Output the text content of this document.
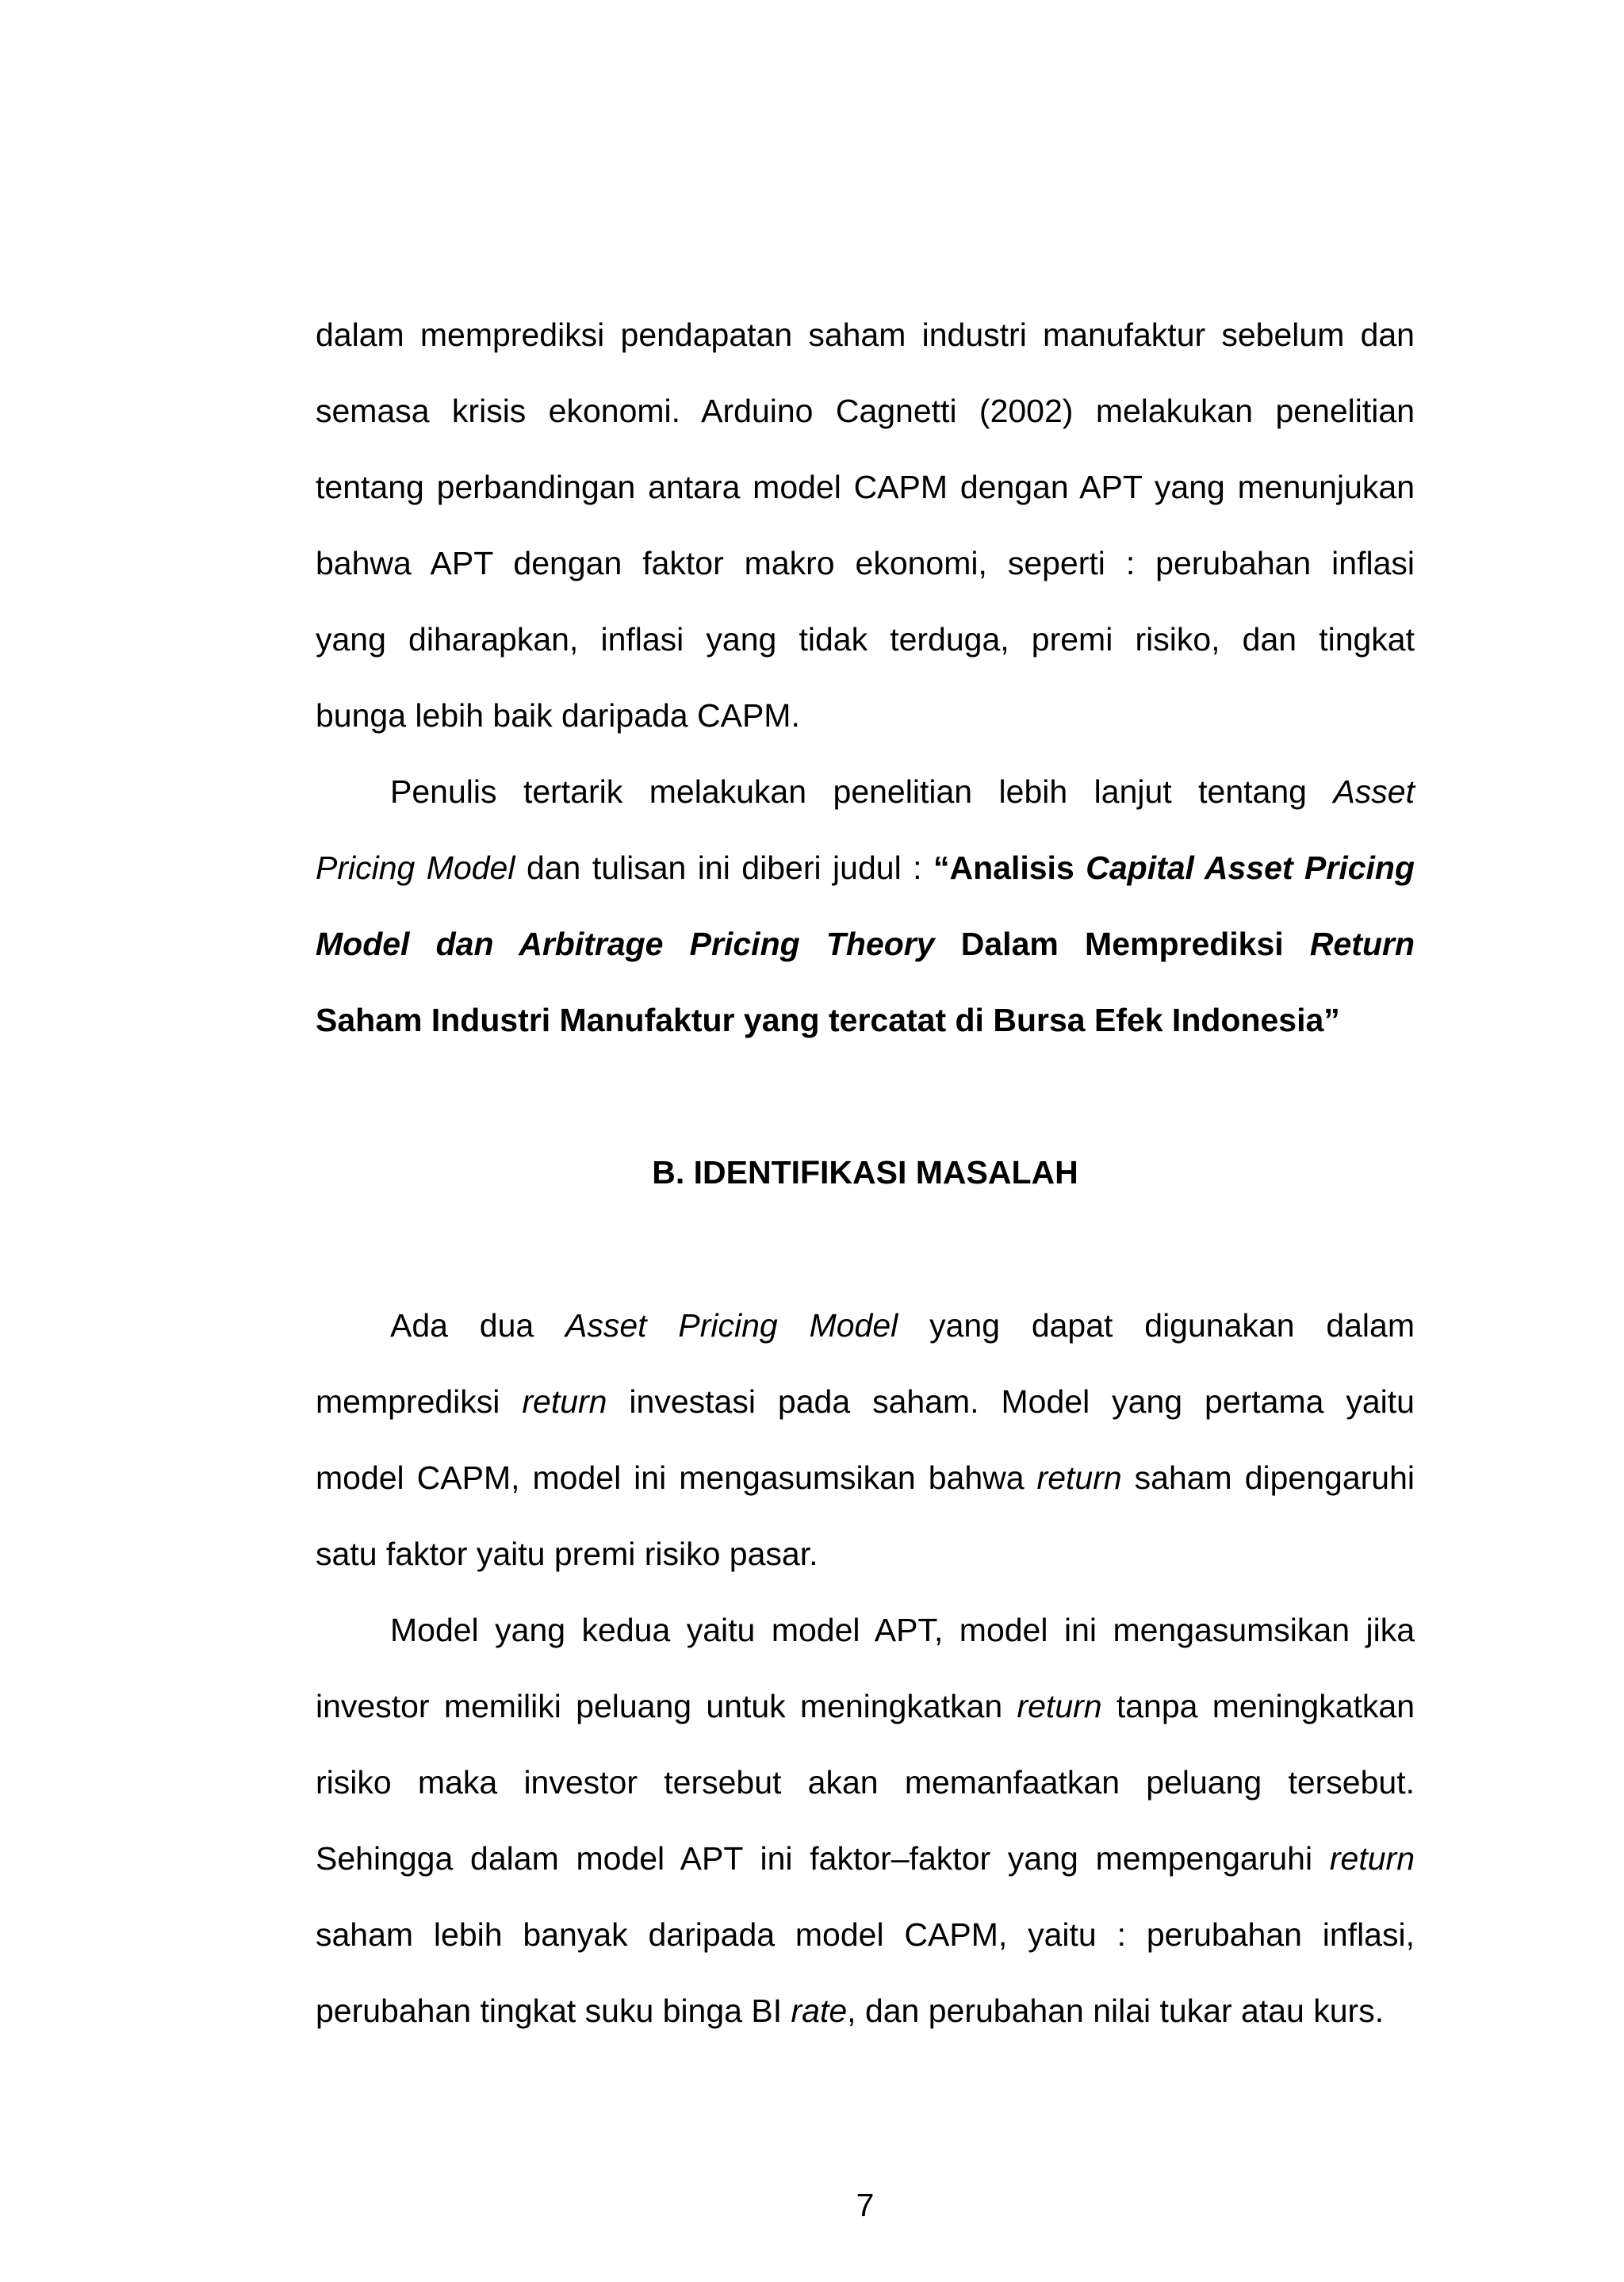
dalam memprediksi pendapatan saham industri manufaktur sebelum dan
semasa krisis ekonomi. Arduino Cagnetti (2002) melakukan penelitian
tentang perbandingan antara model CAPM dengan APT yang menunjukan
bahwa APT dengan faktor makro ekonomi, seperti : perubahan inflasi
yang diharapkan, inflasi yang tidak terduga, premi risiko, dan tingkat
bunga lebih baik daripada CAPM.
Penulis tertarik melakukan penelitian lebih lanjut tentang Asset
Pricing Model dan tulisan ini diberi judul : “Analisis Capital Asset Pricing
Model dan Arbitrage Pricing Theory Dalam Memprediksi Return
Saham Industri Manufaktur yang tercatat di Bursa Efek Indonesia”
B. IDENTIFIKASI MASALAH
Ada dua Asset Pricing Model yang dapat digunakan dalam
memprediksi return investasi pada saham. Model yang pertama yaitu
model CAPM, model ini mengasumsikan bahwa return saham dipengaruhi
satu faktor yaitu premi risiko pasar.
Model yang kedua yaitu model APT, model ini mengasumsikan jika
investor memiliki peluang untuk meningkatkan return tanpa meningkatkan
risiko maka investor tersebut akan memanfaatkan peluang tersebut.
Sehingga dalam model APT ini faktor–faktor yang mempengaruhi return
saham lebih banyak daripada model CAPM, yaitu : perubahan inflasi,
perubahan tingkat suku binga BI rate, dan perubahan nilai tukar atau kurs.
7
